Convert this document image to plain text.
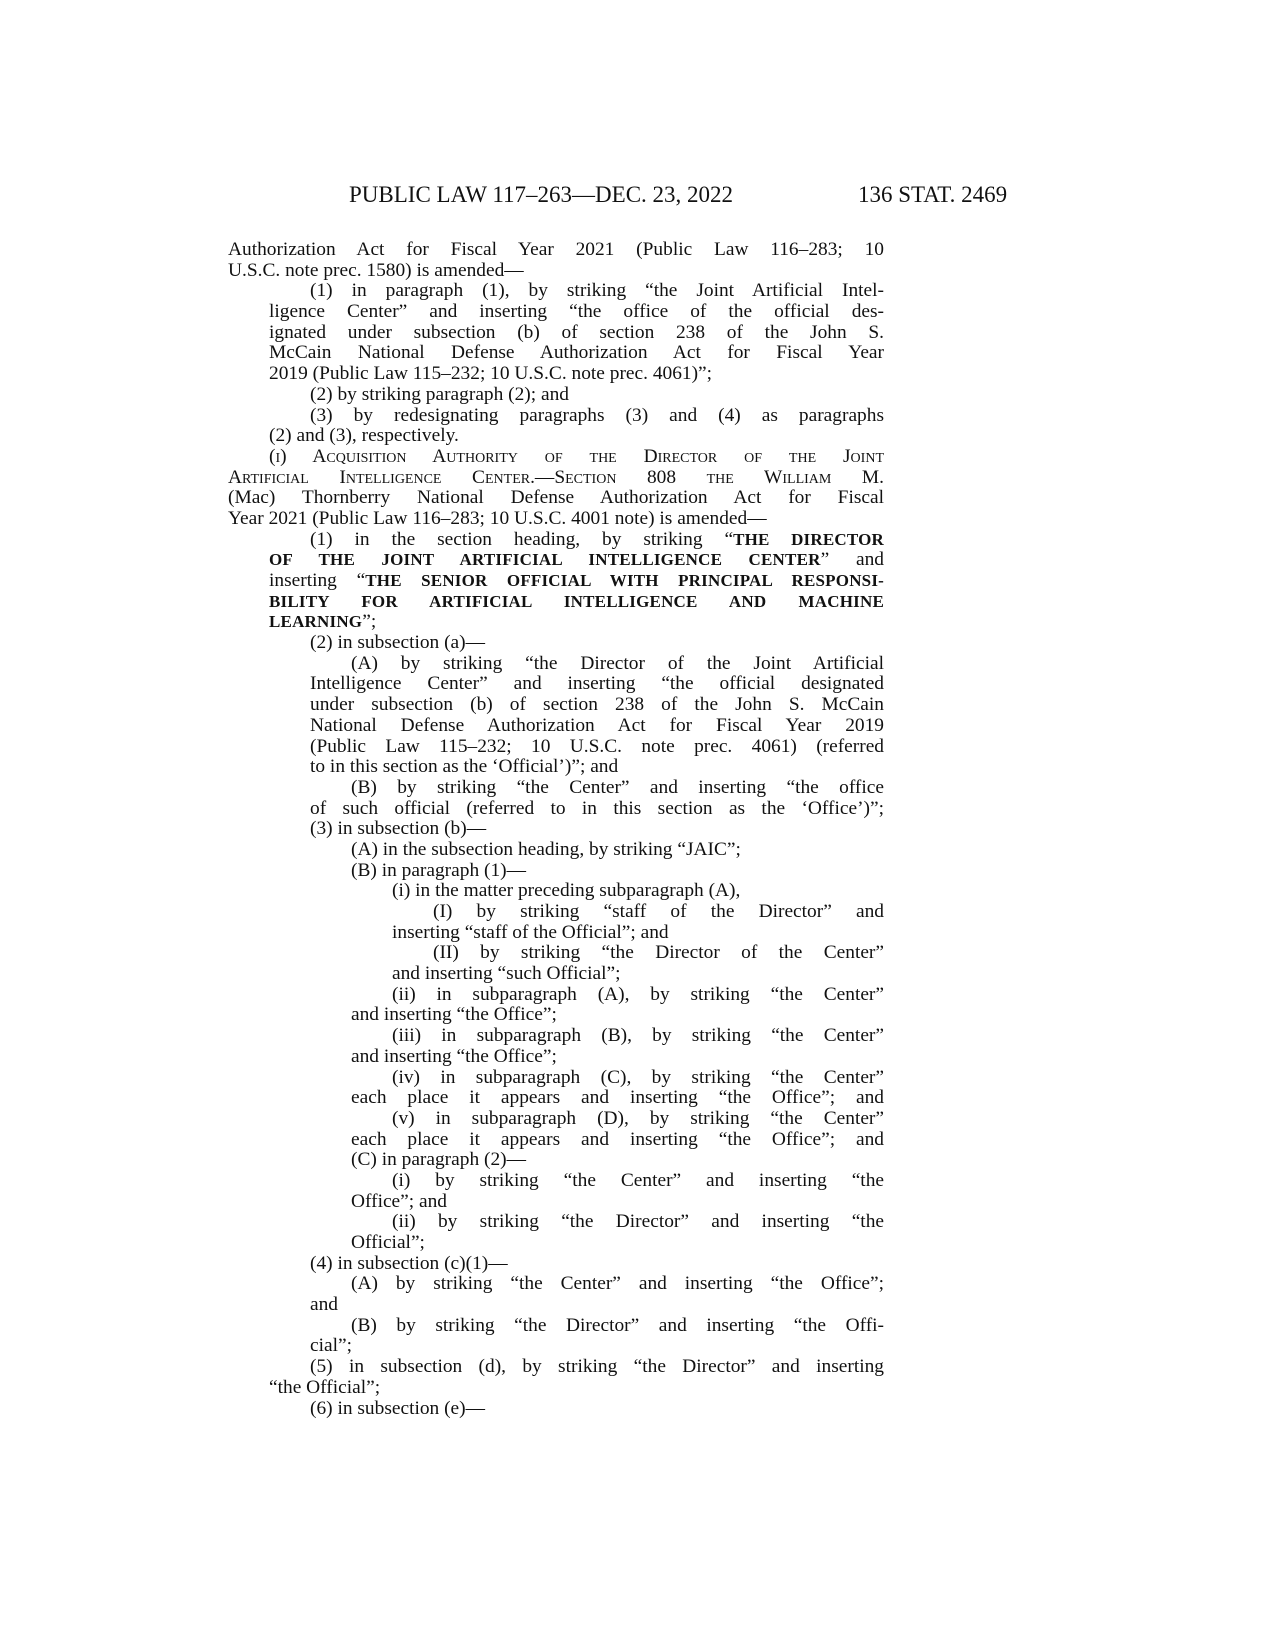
PUBLIC LAW 117–263—DEC. 23, 2022	136 STAT. 2469
Authorization Act for Fiscal Year 2021 (Public Law 116–283; 10
U.S.C. note prec. 1580) is amended—
(1) in paragraph (1), by striking “the Joint Artificial Intel-
ligence Center” and inserting “the office of the official des-
ignated under subsection (b) of section 238 of the John S.
McCain National Defense Authorization Act for Fiscal Year
2019 (Public Law 115–232; 10 U.S.C. note prec. 4061)”;
(2) by striking paragraph (2); and
(3) by redesignating paragraphs (3) and (4) as paragraphs
(2) and (3), respectively.
(i) Acquisition Authority of the Director of the Joint
Artificial Intelligence Center.—Section 808 the William M.
(Mac) Thornberry National Defense Authorization Act for Fiscal
Year 2021 (Public Law 116–283; 10 U.S.C. 4001 note) is amended—
(1) in the section heading, by striking “THE DIRECTOR
OF THE JOINT ARTIFICIAL INTELLIGENCE CENTER” and
inserting “THE SENIOR OFFICIAL WITH PRINCIPAL RESPONSI-
BILITY FOR ARTIFICIAL INTELLIGENCE AND MACHINE
LEARNING”;
(2) in subsection (a)—
(A) by striking “the Director of the Joint Artificial
Intelligence Center” and inserting “the official designated
under subsection (b) of section 238 of the John S. McCain
National Defense Authorization Act for Fiscal Year 2019
(Public Law 115–232; 10 U.S.C. note prec. 4061) (referred
to in this section as the ‘Official’)”; and
(B) by striking “the Center” and inserting “the office
of such official (referred to in this section as the ‘Office’)”;
(3) in subsection (b)—
(A) in the subsection heading, by striking “JAIC”;
(B) in paragraph (1)—
(i) in the matter preceding subparagraph (A),
(I) by striking “staff of the Director” and
inserting “staff of the Official”; and
(II) by striking “the Director of the Center”
and inserting “such Official”;
(ii) in subparagraph (A), by striking “the Center”
and inserting “the Office”;
(iii) in subparagraph (B), by striking “the Center”
and inserting “the Office”;
(iv) in subparagraph (C), by striking “the Center”
each place it appears and inserting “the Office”; and
(v) in subparagraph (D), by striking “the Center”
each place it appears and inserting “the Office”; and
(C) in paragraph (2)—
(i) by striking “the Center” and inserting “the
Office”; and
(ii) by striking “the Director” and inserting “the
Official”;
(4) in subsection (c)(1)—
(A) by striking “the Center” and inserting “the Office”;
and
(B) by striking “the Director” and inserting “the Offi-
cial”;
(5) in subsection (d), by striking “the Director” and inserting
“the Official”;
(6) in subsection (e)—
